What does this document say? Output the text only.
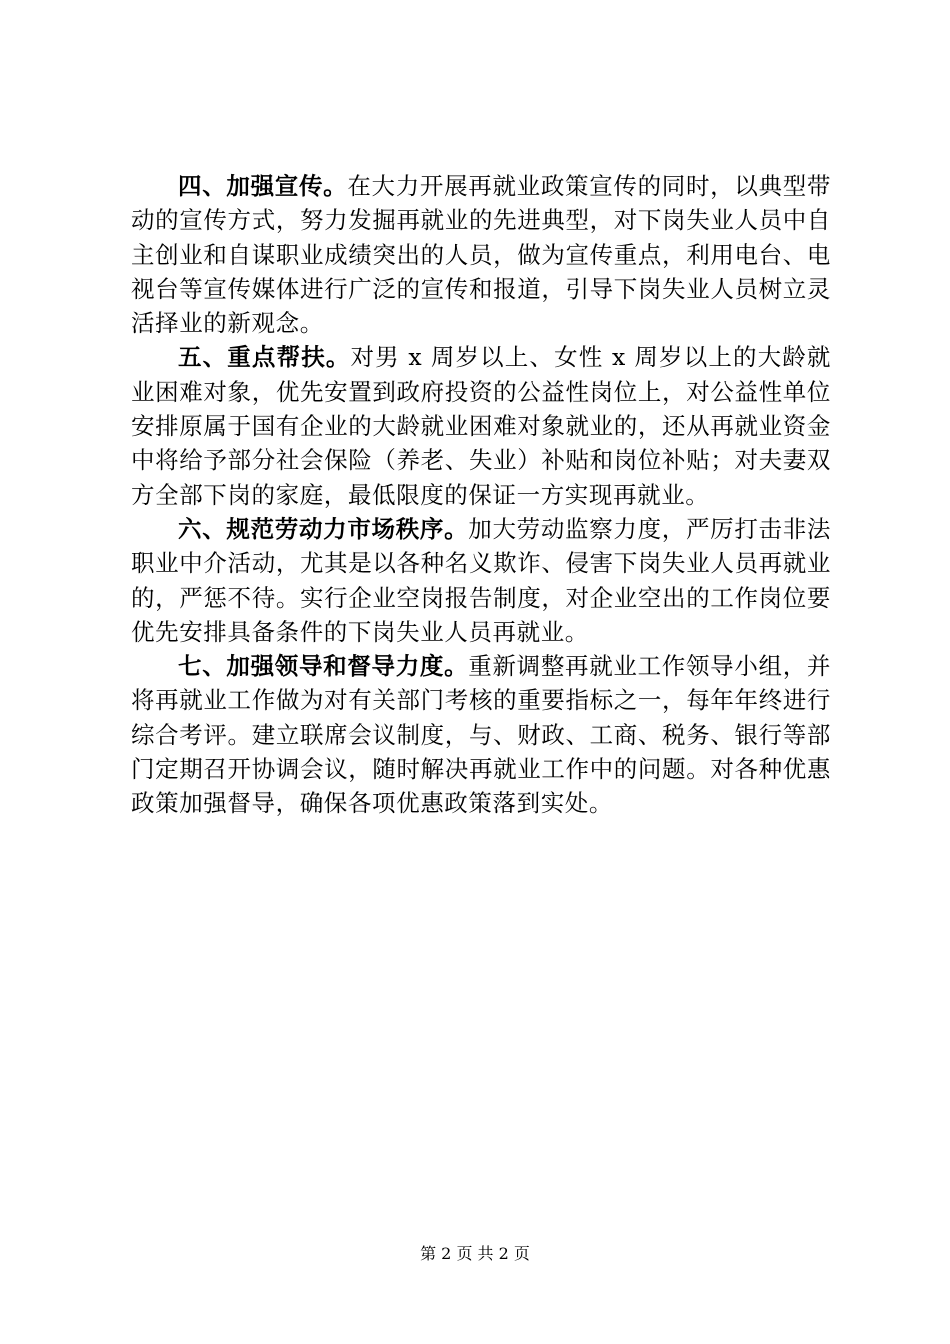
四、加强宣传。在大力开展再就业政策宣传的同时，以典型带动的宣传方式，努力发掘再就业的先进典型，对下岗失业人员中自主创业和自谋职业成绩突出的人员，做为宣传重点，利用电台、电视台等宣传媒体进行广泛的宣传和报道，引导下岗失业人员树立灵活择业的新观念。

五、重点帮扶。对男 x 周岁以上、女性 x 周岁以上的大龄就业困难对象，优先安置到政府投资的公益性岗位上，对公益性单位安排原属于国有企业的大龄就业困难对象就业的，还从再就业资金中将给予部分社会保险（养老、失业）补贴和岗位补贴；对夫妻双方全部下岗的家庭，最低限度的保证一方实现再就业。

六、规范劳动力市场秩序。加大劳动监察力度，严厉打击非法职业中介活动，尤其是以各种名义欺诈、侵害下岗失业人员再就业的，严惩不待。实行企业空岗报告制度，对企业空出的工作岗位要优先安排具备条件的下岗失业人员再就业。

七、加强领导和督导力度。重新调整再就业工作领导小组，并将再就业工作做为对有关部门考核的重要指标之一，每年年终进行综合考评。建立联席会议制度，与、财政、工商、税务、银行等部门定期召开协调会议，随时解决再就业工作中的问题。对各种优惠政策加强督导，确保各项优惠政策落到实处。

第 2 页 共 2 页
